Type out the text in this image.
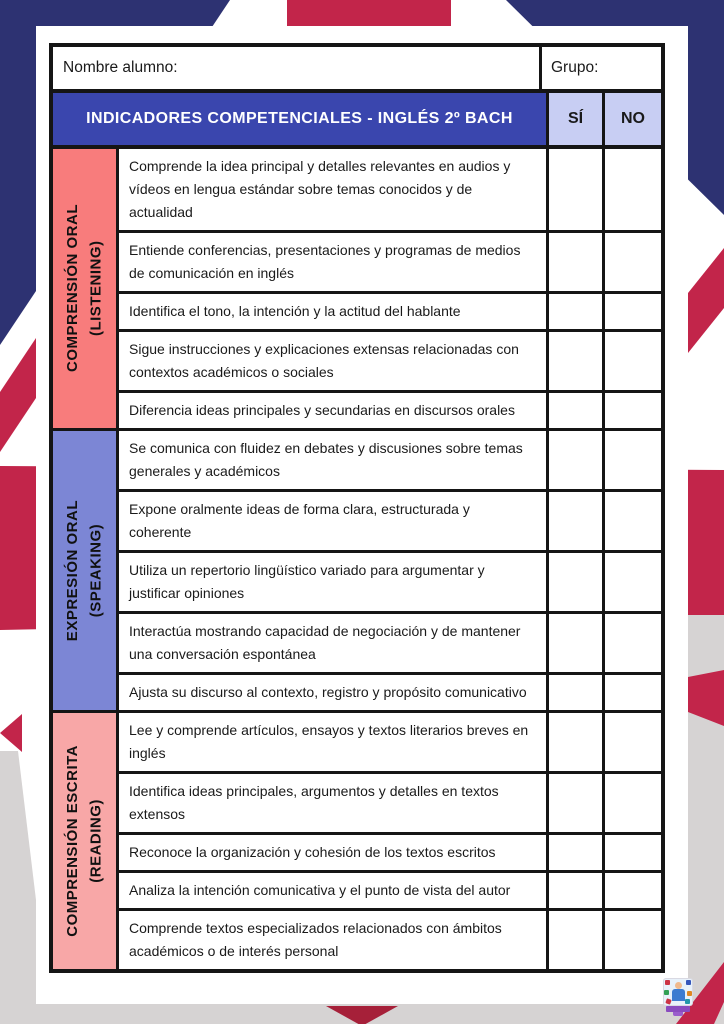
Nombre alumno:	Grupo:
INDICADORES COMPETENCIALES - INGLÉS 2º BACH	SÍ	NO
COMPRENSIÓN ORAL (LISTENING)
Comprende la idea principal y detalles relevantes en audios y vídeos en lengua estándar sobre temas conocidos y de actualidad
Entiende conferencias, presentaciones y programas de medios de comunicación en inglés
Identifica el tono, la intención y la actitud del hablante
Sigue instrucciones y explicaciones extensas relacionadas con contextos académicos o sociales
Diferencia ideas principales y secundarias en discursos orales
EXPRESIÓN ORAL (SPEAKING)
Se comunica con fluidez en debates y discusiones sobre temas generales y académicos
Expone oralmente ideas de forma clara, estructurada y coherente
Utiliza un repertorio lingüístico variado para argumentar y justificar opiniones
Interactúa mostrando capacidad de negociación y de mantener una conversación espontánea
Ajusta su discurso al contexto, registro y propósito comunicativo
COMPRENSIÓN ESCRITA (READING)
Lee y comprende artículos, ensayos y textos literarios breves en inglés
Identifica ideas principales, argumentos y detalles en textos extensos
Reconoce la organización y cohesión de los textos escritos
Analiza la intención comunicativa y el punto de vista del autor
Comprende textos especializados relacionados con ámbitos académicos o de interés personal
